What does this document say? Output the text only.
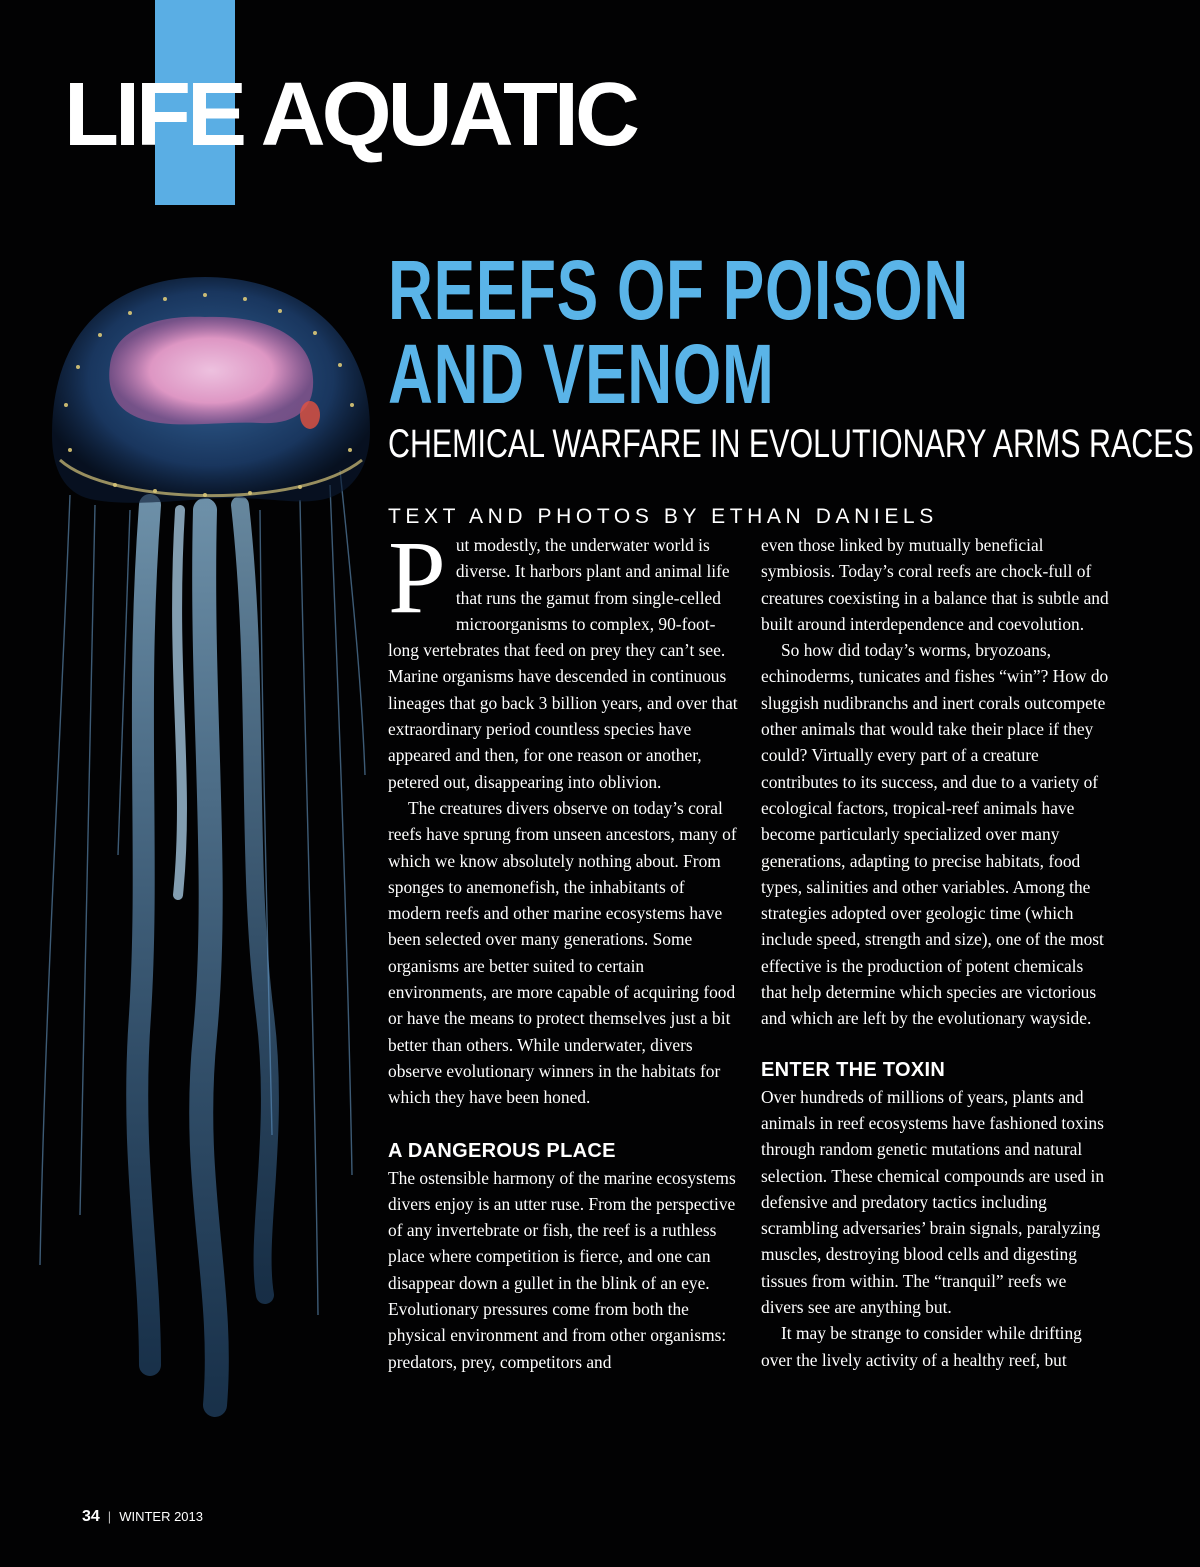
LIFE AQUATIC
REEFS OF POISON
AND VENOM
CHEMICAL WARFARE IN EVOLUTIONARY ARMS RACES
TEXT AND PHOTOS BY ETHAN DANIELS

Put modestly, the underwater world is diverse. It harbors plant and animal life that runs the gamut from single-celled microorganisms to complex, 90-foot-long vertebrates that feed on prey they can’t see. Marine organisms have descended in continuous lineages that go back 3 billion years, and over that extraordinary period countless species have appeared and then, for one reason or another, petered out, disappearing into oblivion.

The creatures divers observe on today’s coral reefs have sprung from unseen ancestors, many of which we know absolutely nothing about. From sponges to anemonefish, the inhabitants of modern reefs and other marine ecosystems have been selected over many generations. Some organisms are better suited to certain environments, are more capable of acquiring food or have the means to protect themselves just a bit better than others. While underwater, divers observe evolutionary winners in the habitats for which they have been honed.

A DANGEROUS PLACE

The ostensible harmony of the marine ecosystems divers enjoy is an utter ruse. From the perspective of any invertebrate or fish, the reef is a ruthless place where competition is fierce, and one can disappear down a gullet in the blink of an eye. Evolutionary pressures come from both the physical environment and from other organisms: predators, prey, competitors and

even those linked by mutually beneficial symbiosis. Today’s coral reefs are chock-full of creatures coexisting in a balance that is subtle and built around interdependence and coevolution.

So how did today’s worms, bryozoans, echinoderms, tunicates and fishes “win”? How do sluggish nudibranchs and inert corals outcompete other animals that would take their place if they could? Virtually every part of a creature contributes to its success, and due to a variety of ecological factors, tropical-reef animals have become particularly specialized over many generations, adapting to precise habitats, food types, salinities and other variables. Among the strategies adopted over geologic time (which include speed, strength and size), one of the most effective is the production of potent chemicals that help determine which species are victorious and which are left by the evolutionary wayside.

ENTER THE TOXIN

Over hundreds of millions of years, plants and animals in reef ecosystems have fashioned toxins through random genetic mutations and natural selection. These chemical compounds are used in defensive and predatory tactics including scrambling adversaries’ brain signals, paralyzing muscles, destroying blood cells and digesting tissues from within. The “tranquil” reefs we divers see are anything but.

It may be strange to consider while drifting over the lively activity of a healthy reef, but

34 | WINTER 2013
